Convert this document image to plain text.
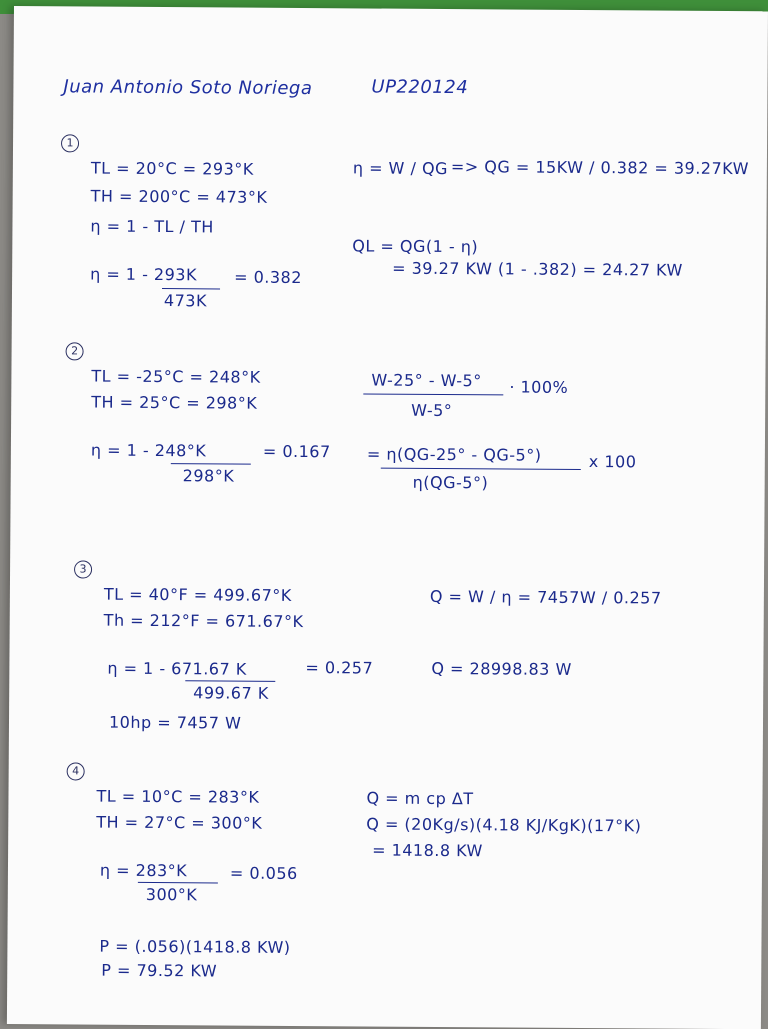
Juan Antonio Soto Noriega	UP220124
1
TL = 20°C = 293°K
TH = 200°C = 473°K
η = 1 - TL / TH
η = 1 - 293K
473K
= 0.382
η = W / QG => QG = 15KW / 0.382 = 39.27KW
QL = QG(1 - η)
= 39.27 KW (1 - .382) = 24.27 KW
2
TL = -25°C = 248°K
TH = 25°C = 298°K
η = 1 - 248°K
298°K
= 0.167
W-25° - W-5°
W-5°
· 100%
= η(QG-25° - QG-5°)
η(QG-5°)
x 100
3
TL = 40°F = 499.67°K
Th = 212°F = 671.67°K
Q = W / η = 7457W / 0.257
η = 1 - 671.67 K
499.67 K
= 0.257	Q = 28998.83 W
10hp = 7457 W
4
TL = 10°C = 283°K
TH = 27°C = 300°K
Q = m cp ΔT
Q = (20Kg/s)(4.18 KJ/KgK)(17°K)
= 1418.8 KW
η = 283°K
300°K
= 0.056
P = (.056)(1418.8 KW)
P = 79.52 KW
